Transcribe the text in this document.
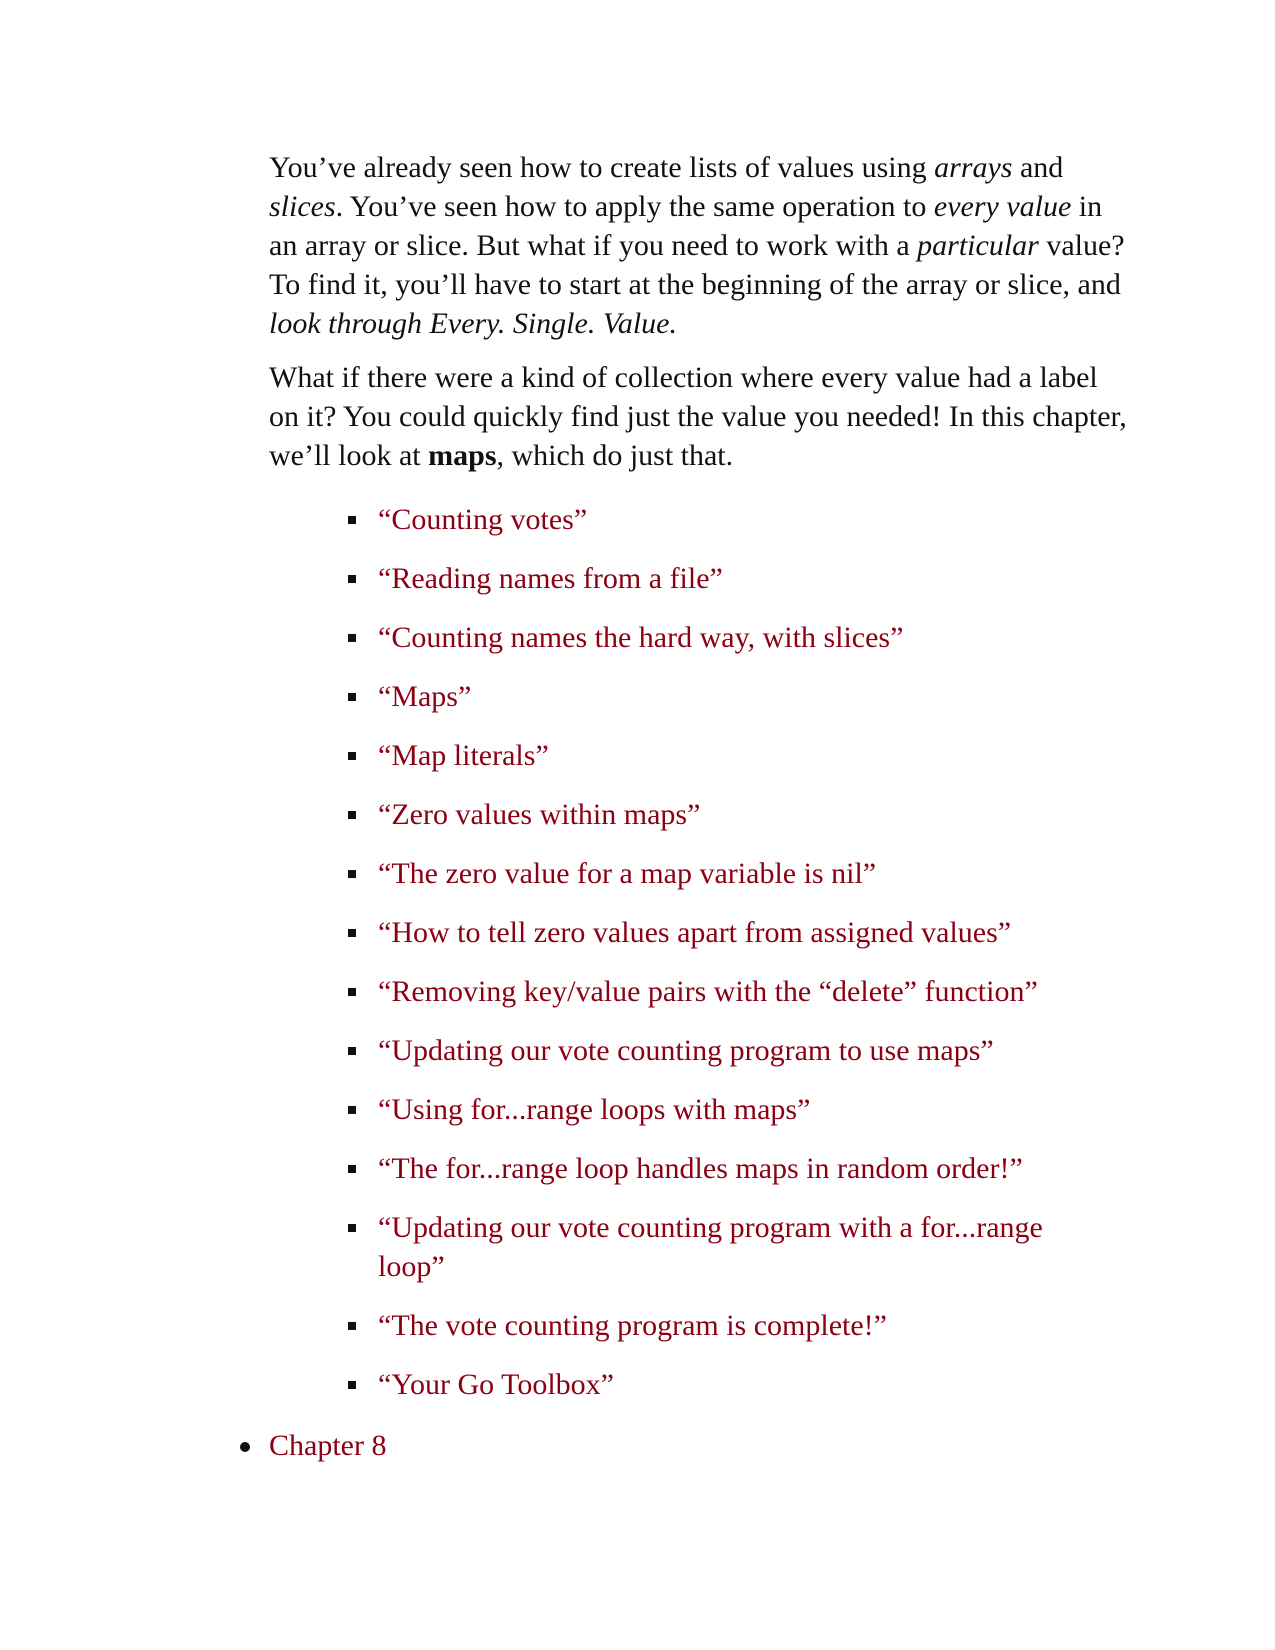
You’ve already seen how to create lists of values using arrays and slices. You’ve seen how to apply the same operation to every value in an array or slice. But what if you need to work with a particular value? To find it, you’ll have to start at the beginning of the array or slice, and look through Every. Single. Value.

What if there were a kind of collection where every value had a label on it? You could quickly find just the value you needed! In this chapter, we’ll look at maps, which do just that.

“Counting votes”
“Reading names from a file”
“Counting names the hard way, with slices”
“Maps”
“Map literals”
“Zero values within maps”
“The zero value for a map variable is nil”
“How to tell zero values apart from assigned values”
“Removing key/value pairs with the “delete” function”
“Updating our vote counting program to use maps”
“Using for...range loops with maps”
“The for...range loop handles maps in random order!”
“Updating our vote counting program with a for...range loop”
“The vote counting program is complete!”
“Your Go Toolbox”
Chapter 8
